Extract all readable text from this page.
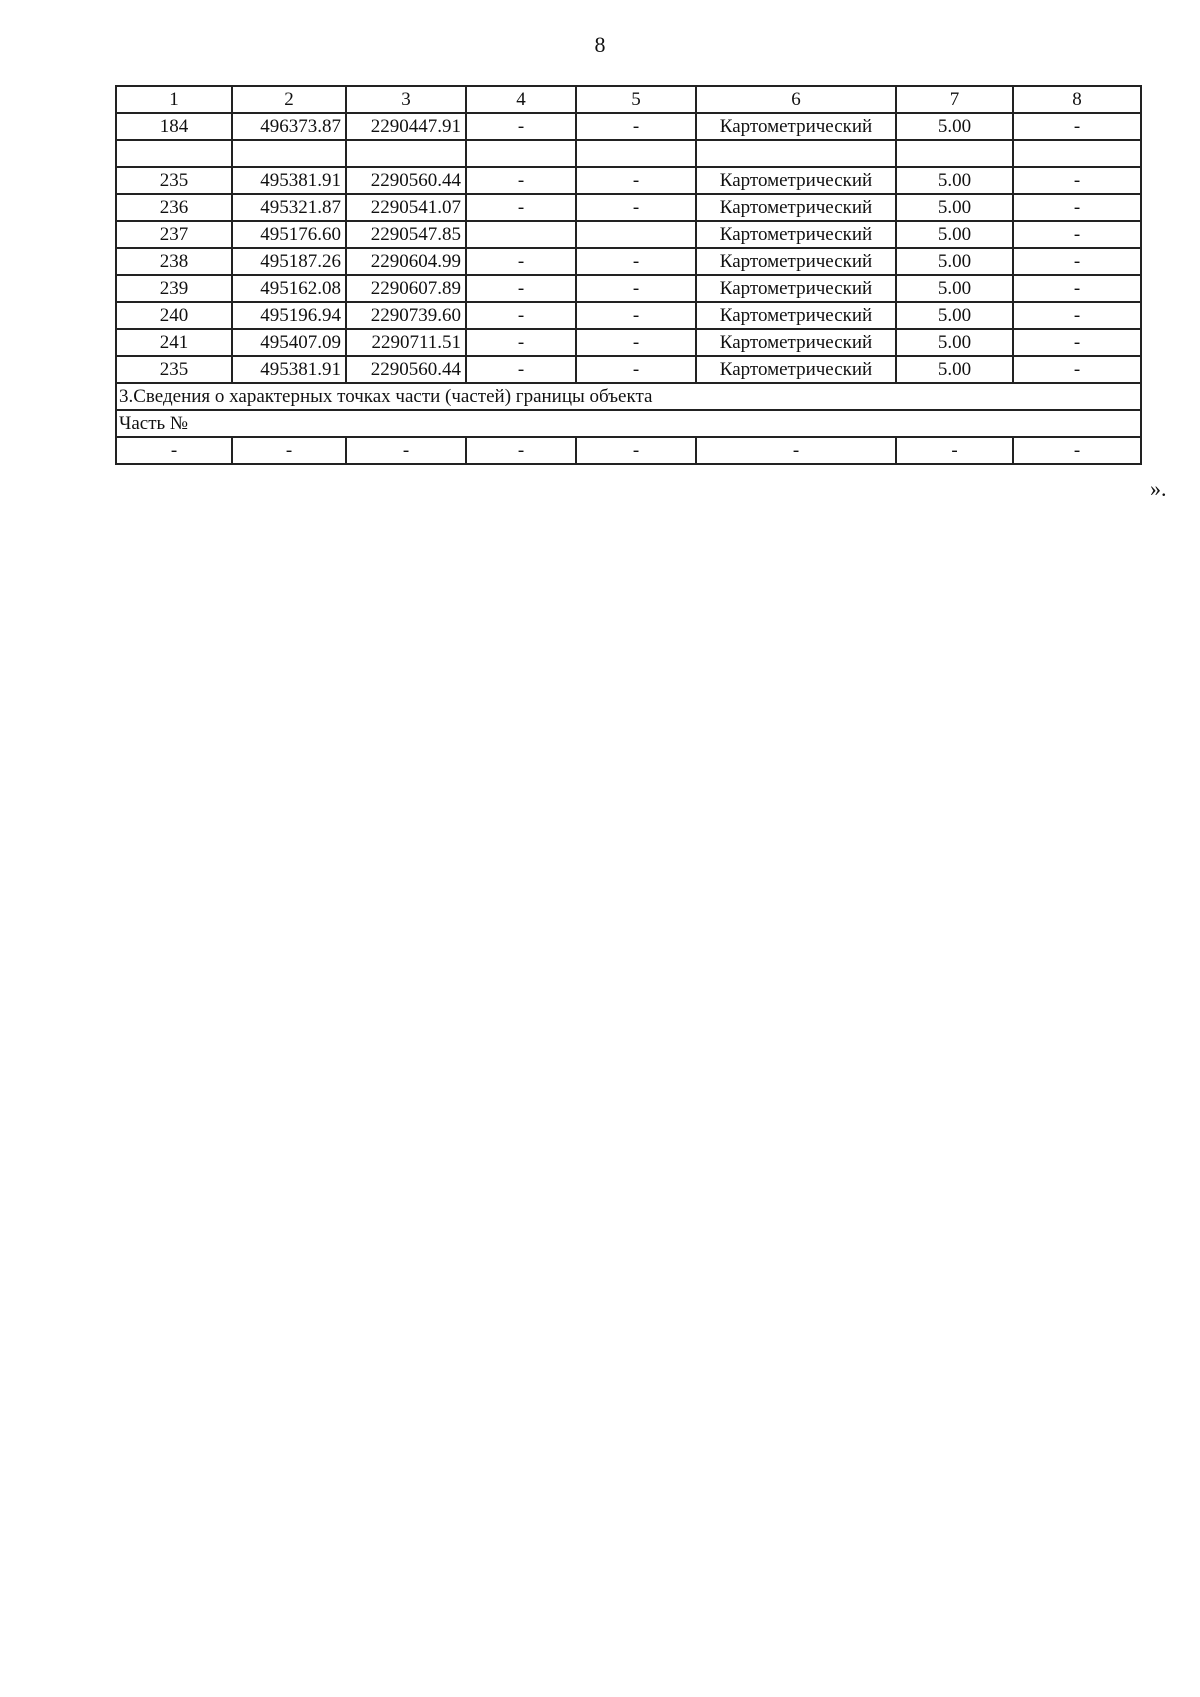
8
1	2	3	4	5	6	7	8
184	496373.87	2290447.91	-	-	Картометрический	5.00	-

235	495381.91	2290560.44	-	-	Картометрический	5.00	-
236	495321.87	2290541.07	-	-	Картометрический	5.00	-
237	495176.60	2290547.85			Картометрический	5.00	-
238	495187.26	2290604.99	-	-	Картометрический	5.00	-
239	495162.08	2290607.89	-	-	Картометрический	5.00	-
240	495196.94	2290739.60	-	-	Картометрический	5.00	-
241	495407.09	2290711.51	-	-	Картометрический	5.00	-
235	495381.91	2290560.44	-	-	Картометрический	5.00	-
3.Сведения о характерных точках части (частей) границы объекта							
Часть №							
-	-	-	-	-	-	-	-
».
